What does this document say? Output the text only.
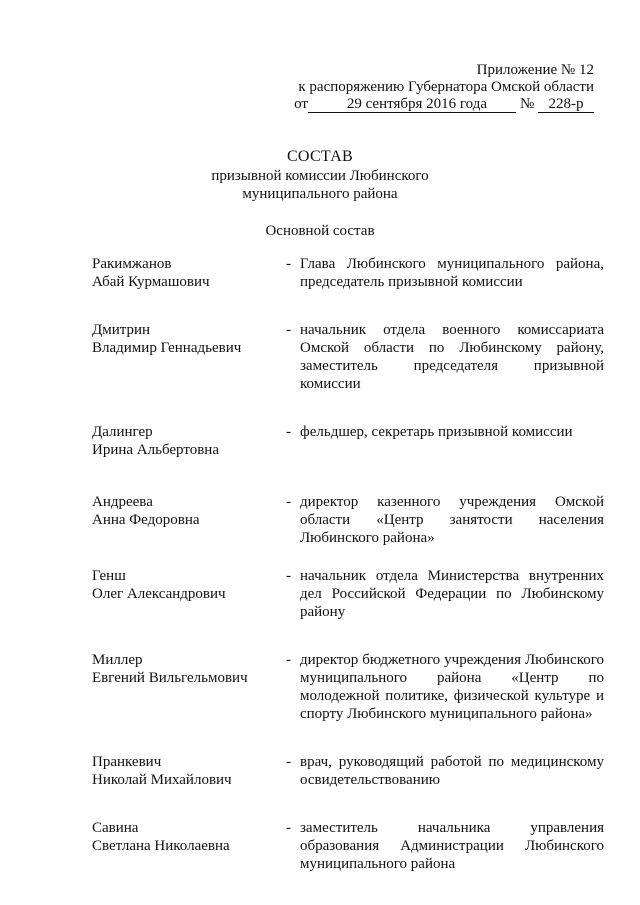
Приложение № 12
к распоряжению Губернатора Омской области
от	29 сентября 2016 года № 228-р
СОСТАВ
призывной комиссии Любинского
муниципального района
Основной состав
Ракимжанов
Абай Курмашович
- Глава Любинского муниципального района, председатель призывной комиссии
Дмитрин
Владимир Геннадьевич
- начальник отдела военного комиссариата Омской области по Любинскому району, заместитель председателя призывной комиссии
Далингер
Ирина Альбертовна
- фельдшер, секретарь призывной комиссии
Андреева
Анна Федоровна
- директор казенного учреждения Омской области «Центр занятости населения Любинского района»
Генш
Олег Александрович
- начальник отдела Министерства внутренних дел Российской Федерации по Любинскому району
Миллер
Евгений Вильгельмович
- директор бюджетного учреждения Любинского муниципального района «Центр по молодежной политике, физической культуре и спорту Любинского муниципального района»
Пранкевич
Николай Михайлович
- врач, руководящий работой по медицинскому освидетельствованию
Савина
Светлана Николаевна
- заместитель начальника управления образования Администрации Любинского муниципального района
